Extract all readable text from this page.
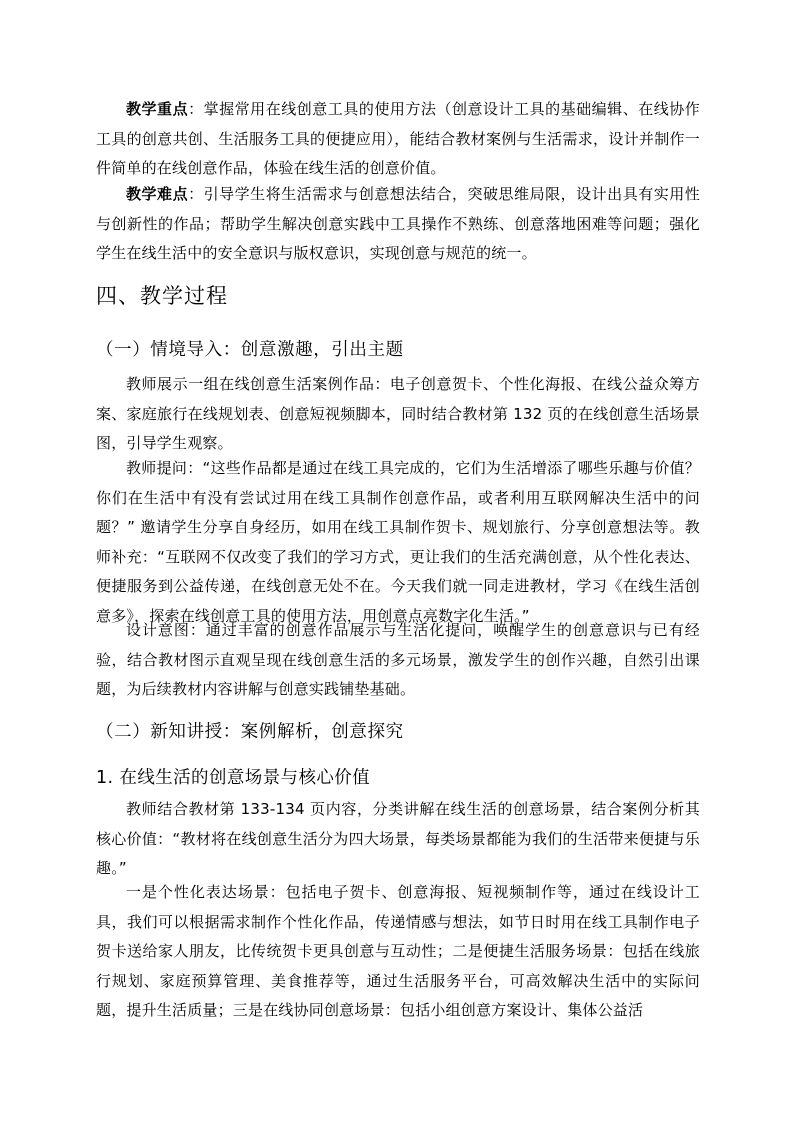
教学重点：掌握常用在线创意工具的使用方法（创意设计工具的基础编辑、在线协作工具的创意共创、生活服务工具的便捷应用），能结合教材案例与生活需求，设计并制作一件简单的在线创意作品，体验在线生活的创意价值。

教学难点：引导学生将生活需求与创意想法结合，突破思维局限，设计出具有实用性与创新性的作品；帮助学生解决创意实践中工具操作不熟练、创意落地困难等问题；强化学生在线生活中的安全意识与版权意识，实现创意与规范的统一。

四、教学过程
（一）情境导入：创意激趣，引出主题

教师展示一组在线创意生活案例作品：电子创意贺卡、个性化海报、在线公益众筹方案、家庭旅行在线规划表、创意短视频脚本，同时结合教材第 132 页的在线创意生活场景图，引导学生观察。

教师提问：“这些作品都是通过在线工具完成的，它们为生活增添了哪些乐趣与价值？你们在生活中有没有尝试过用在线工具制作创意作品，或者利用互联网解决生活中的问题？” 邀请学生分享自身经历，如用在线工具制作贺卡、规划旅行、分享创意想法等。教师补充：“互联网不仅改变了我们的学习方式，更让我们的生活充满创意，从个性化表达、便捷服务到公益传递，在线创意无处不在。今天我们就一同走进教材，学习《在线生活创意多》，探索在线创意工具的使用方法，用创意点亮数字化生活。”

设计意图：通过丰富的创意作品展示与生活化提问，唤醒学生的创意意识与已有经验，结合教材图示直观呈现在线创意生活的多元场景，激发学生的创作兴趣，自然引出课题，为后续教材内容讲解与创意实践铺垫基础。

（二）新知讲授：案例解析，创意探究
1. 在线生活的创意场景与核心价值

教师结合教材第 133-134 页内容，分类讲解在线生活的创意场景，结合案例分析其核心价值：“教材将在线创意生活分为四大场景，每类场景都能为我们的生活带来便捷与乐趣。”

一是个性化表达场景：包括电子贺卡、创意海报、短视频制作等，通过在线设计工具，我们可以根据需求制作个性化作品，传递情感与想法，如节日时用在线工具制作电子贺卡送给家人朋友，比传统贺卡更具创意与互动性；二是便捷生活服务场景：包括在线旅行规划、家庭预算管理、美食推荐等，通过生活服务平台，可高效解决生活中的实际问题，提升生活质量；三是在线协同创意场景：包括小组创意方案设计、集体公益活
